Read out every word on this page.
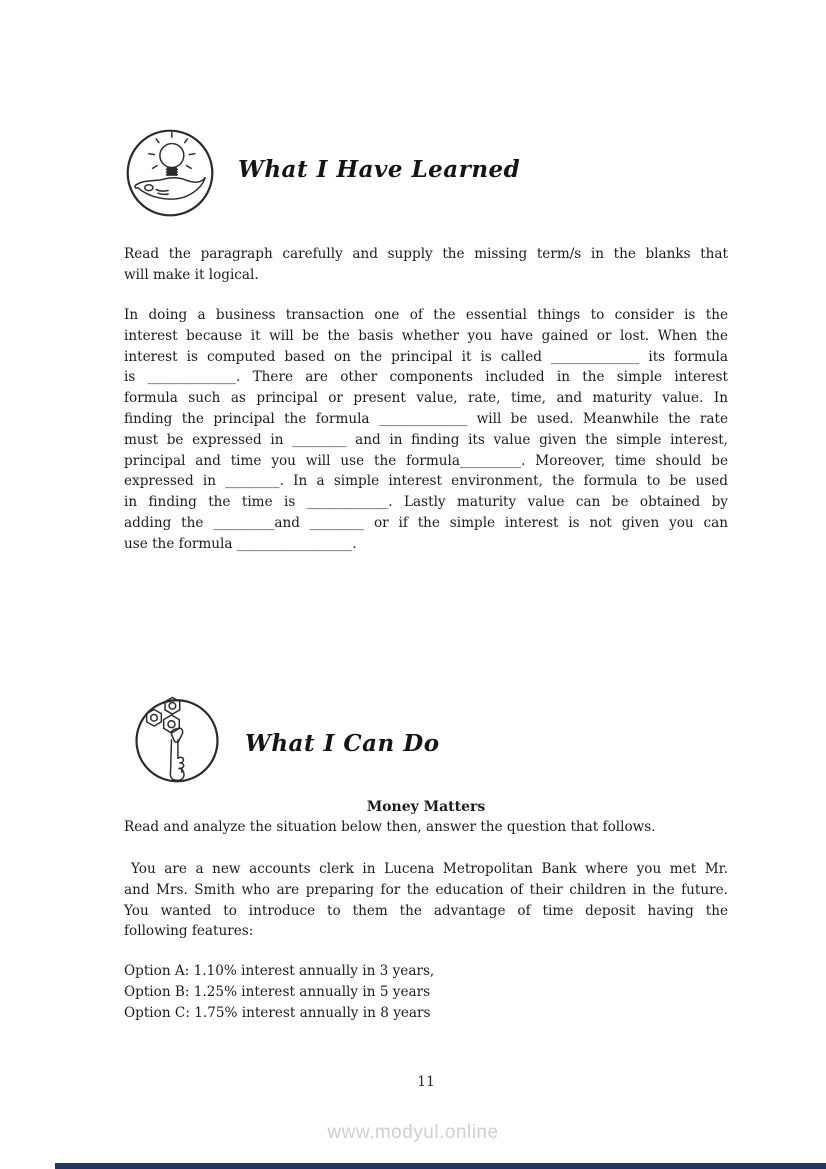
What I Have Learned
Read the paragraph carefully and supply the missing term/s in the blanks that
will make it logical.
In doing a business transaction one of the essential things to consider is the
interest because it will be the basis whether you have gained or lost. When the
interest is computed based on the principal it is called _____________ its formula
is _____________. There are other components included in the simple interest
formula such as principal or present value, rate, time, and maturity value. In
finding the principal the formula _____________ will be used. Meanwhile the rate
must be expressed in ________ and in finding its value given the simple interest,
principal and time you will use the formula_________. Moreover, time should be
expressed in ________. In a simple interest environment, the formula to be used
in finding the time is ____________. Lastly maturity value can be obtained by
adding the _________and ________ or if the simple interest is not given you can
use the formula _________________.
What I Can Do
Money Matters
Read and analyze the situation below then, answer the question that follows.
You are a new accounts clerk in Lucena Metropolitan Bank where you met Mr.
and Mrs. Smith who are preparing for the education of their children in the future.
You wanted to introduce to them the advantage of time deposit having the
following features:
Option A: 1.10% interest annually in 3 years,
Option B: 1.25% interest annually in 5 years
Option C: 1.75% interest annually in 8 years
11
www.modyul.online
